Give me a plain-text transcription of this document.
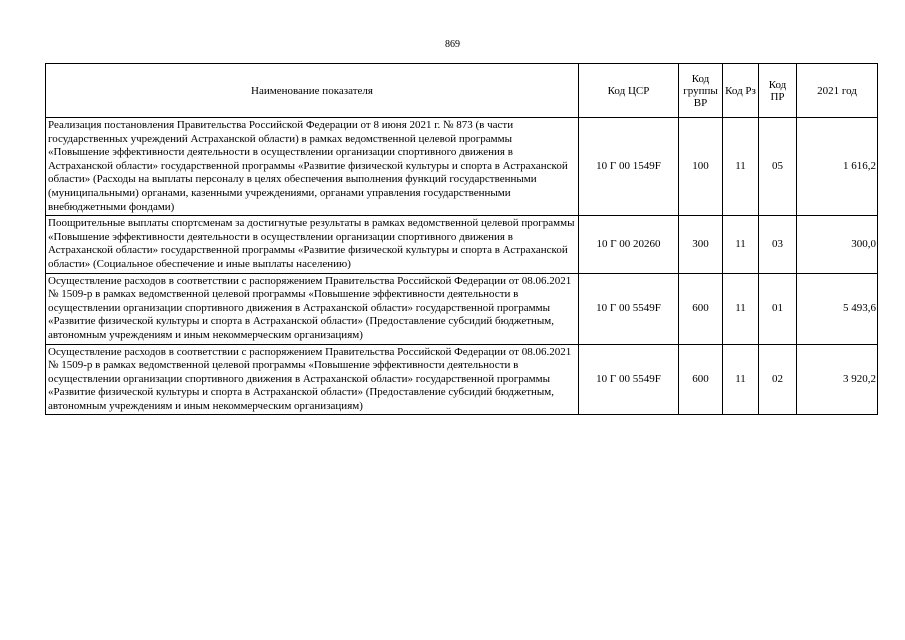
869
Наименование показателя	Код ЦСР	Код группы ВР	Код Рз	Код ПР	2021 год
Реализация постановления Правительства Российской Федерации от 8 июня 2021 г. № 873 (в части государственных учреждений Астраханской области) в рамках ведомственной целевой программы «Повышение эффективности деятельности в осуществлении организации спортивного движения в Астраханской области» государственной программы «Развитие физической культуры и спорта в Астраханской области» (Расходы на выплаты персоналу в целях обеспечения выполнения функций государственными (муниципальными) органами, казенными учреждениями, органами управления государственными внебюджетными фондами)	10 Г 00 1549F	100	11	05	1 616,2
Поощрительные выплаты спортсменам за достигнутые результаты в рамках ведомственной целевой программы «Повышение эффективности деятельности в осуществлении организации спортивного движения в Астраханской области» государственной программы «Развитие физической культуры и спорта в Астраханской области» (Социальное обеспечение и иные выплаты населению)	10 Г 00 20260	300	11	03	300,0
Осуществление расходов в соответствии с распоряжением Правительства Российской Федерации от 08.06.2021 № 1509-р в рамках ведомственной целевой программы «Повышение эффективности деятельности в осуществлении организации спортивного движения в Астраханской области» государственной программы «Развитие физической культуры и спорта в Астраханской области» (Предоставление субсидий бюджетным, автономным учреждениям и иным некоммерческим организациям)	10 Г 00 5549F	600	11	01	5 493,6
Осуществление расходов в соответствии с распоряжением Правительства Российской Федерации от 08.06.2021 № 1509-р в рамках ведомственной целевой программы «Повышение эффективности деятельности в осуществлении организации спортивного движения в Астраханской области» государственной программы «Развитие физической культуры и спорта в Астраханской области» (Предоставление субсидий бюджетным, автономным учреждениям и иным некоммерческим организациям)	10 Г 00 5549F	600	11	02	3 920,2
